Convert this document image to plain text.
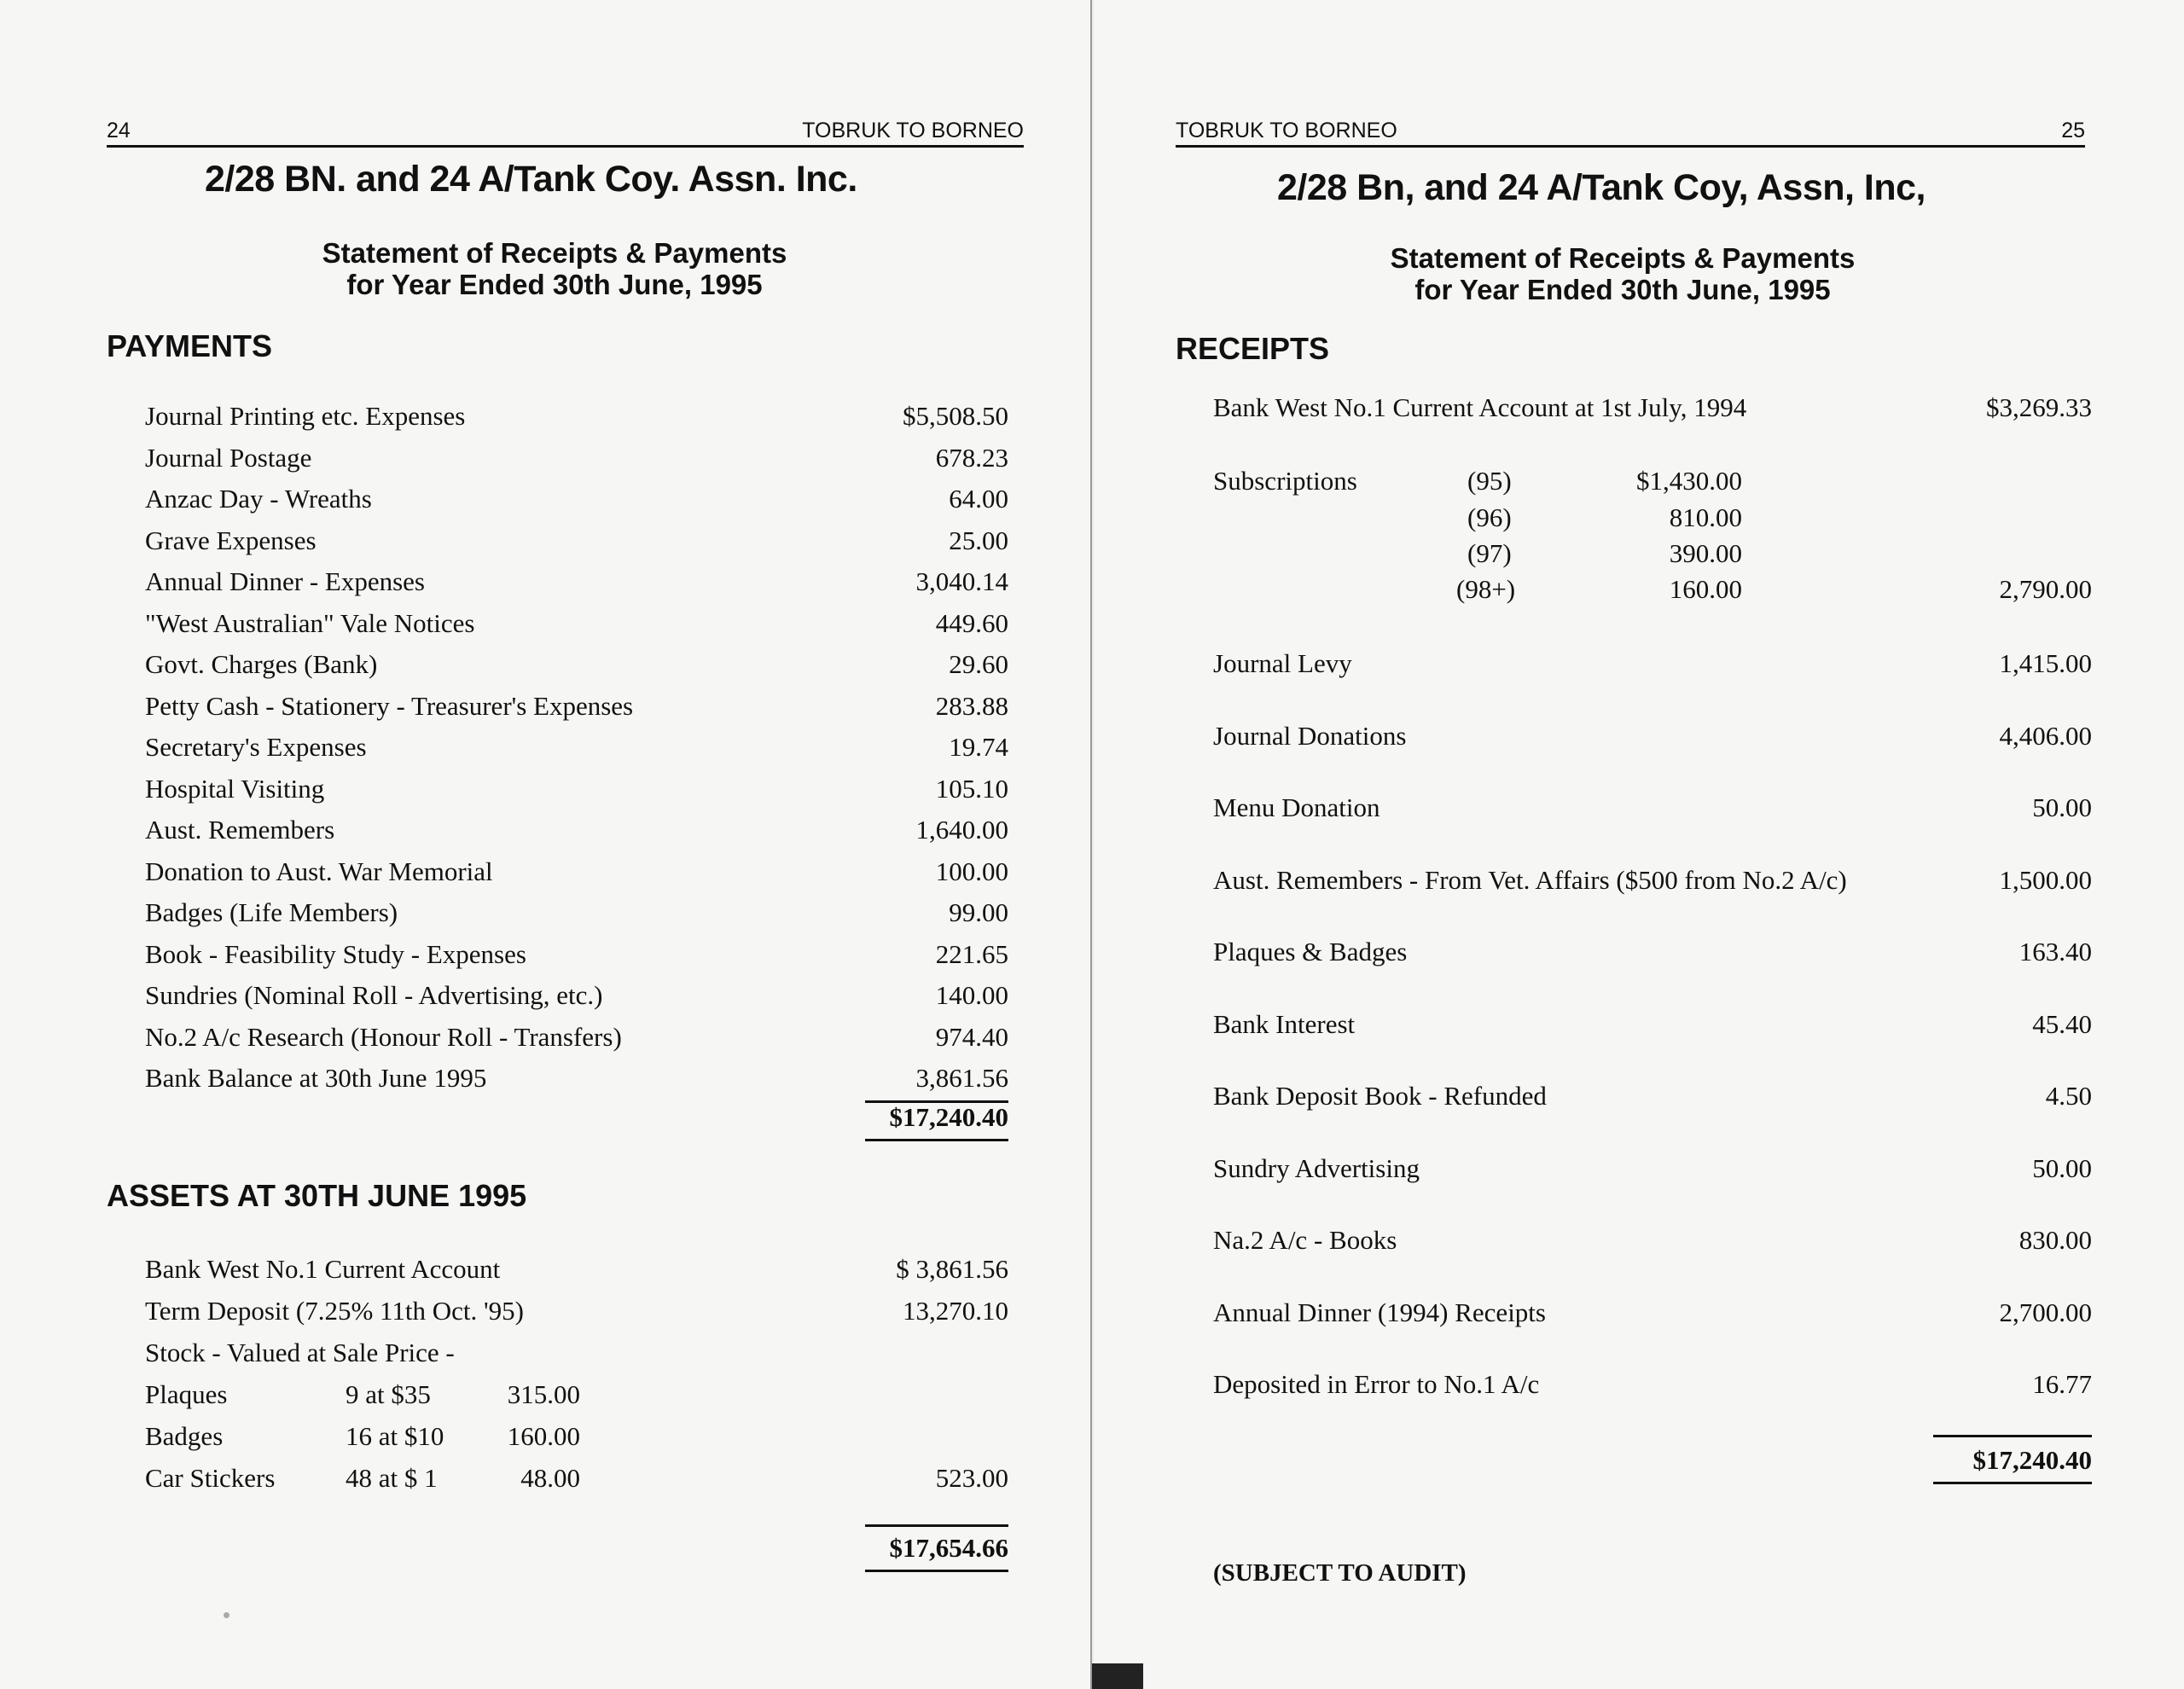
24	TOBRUK TO BORNEO
2/28 BN. and 24 A/Tank Coy. Assn. Inc.
Statement of Receipts & Payments
for Year Ended 30th June, 1995
PAYMENTS
Journal Printing etc. Expenses	$5,508.50
Journal Postage	678.23
Anzac Day - Wreaths	64.00
Grave Expenses	25.00
Annual Dinner - Expenses	3,040.14
"West Australian" Vale Notices	449.60
Govt. Charges (Bank)	29.60
Petty Cash - Stationery - Treasurer's Expenses	283.88
Secretary's Expenses	19.74
Hospital Visiting	105.10
Aust. Remembers	1,640.00
Donation to Aust. War Memorial	100.00
Badges (Life Members)	99.00
Book - Feasibility Study - Expenses	221.65
Sundries (Nominal Roll - Advertising, etc.)	140.00
No.2 A/c Research (Honour Roll - Transfers)	974.40
Bank Balance at 30th June 1995	3,861.56
$17,240.40
ASSETS AT 30TH JUNE 1995
Bank West No.1 Current Account	$ 3,861.56
Term Deposit (7.25% 11th Oct. '95)	13,270.10
Stock - Valued at Sale Price -
Plaques	9 at $35	315.00
Badges	16 at $10	160.00
Car Stickers	48 at $ 1	48.00	523.00
$17,654.66
TOBRUK TO BORNEO	25
2/28 Bn, and 24 A/Tank Coy, Assn, Inc,
Statement of Receipts & Payments
for Year Ended 30th June, 1995
RECEIPTS
Bank West No.1 Current Account at 1st July, 1994	$3,269.33
Subscriptions	(95)	$1,430.00
(96)	810.00
(97)	390.00
(98+)	160.00	2,790.00
Journal Levy	1,415.00
Journal Donations	4,406.00
Menu Donation	50.00
Aust. Remembers - From Vet. Affairs ($500 from No.2 A/c)	1,500.00
Plaques & Badges	163.40
Bank Interest	45.40
Bank Deposit Book - Refunded	4.50
Sundry Advertising	50.00
Na.2 A/c - Books	830.00
Annual Dinner (1994) Receipts	2,700.00
Deposited in Error to No.1 A/c	16.77
$17,240.40
(SUBJECT TO AUDIT)
